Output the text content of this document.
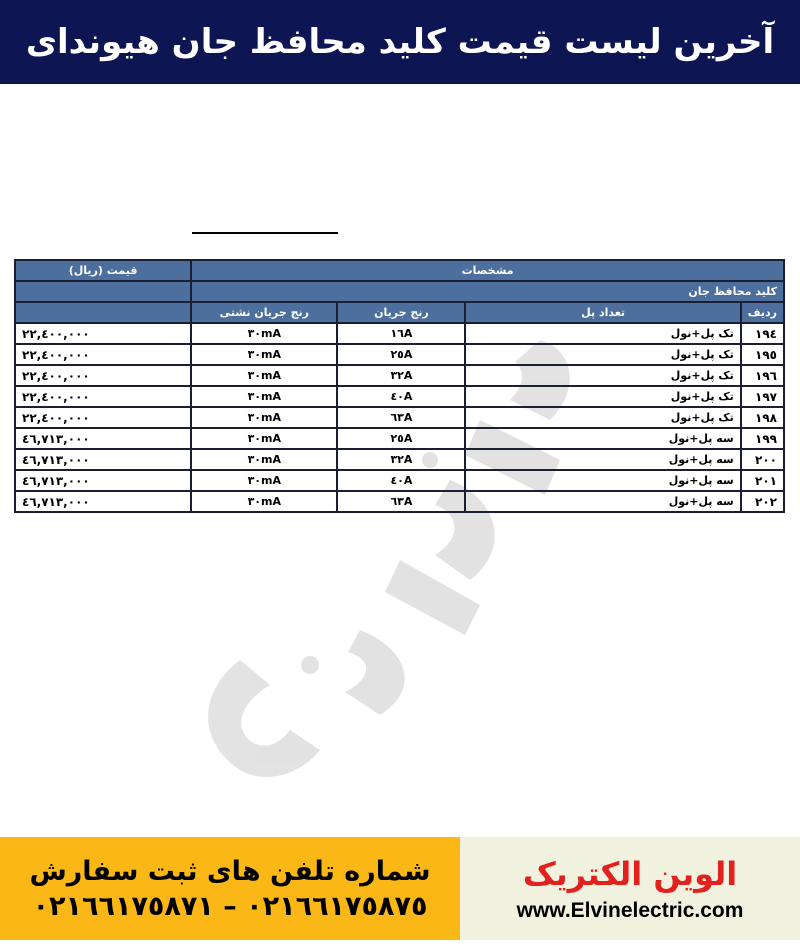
آخرین لیست قیمت کلید محافظ جان هیوندای
مشخصات				قیمت (ریال)
کلید محافظ جان				
ردیف	تعداد پل	رنج جریان	رنج جریان نشتی	
۱۹٤	تک پل+نول	١٦A	٣٠mA	٢٢,٤٠٠,٠٠٠
۱۹٥	تک پل+نول	٢٥A	٣٠mA	٢٢,٤٠٠,٠٠٠
۱۹٦	تک پل+نول	٣٢A	٣٠mA	٢٢,٤٠٠,٠٠٠
۱۹۷	تک پل+نول	٤٠A	٣٠mA	٢٢,٤٠٠,٠٠٠
۱۹۸	تک پل+نول	٦٣A	٣٠mA	٢٢,٤٠٠,٠٠٠
۱۹۹	سه پل+نول	٢٥A	٣٠mA	٤٦,٧١٣,٠٠٠
۲۰۰	سه پل+نول	٣٢A	٣٠mA	٤٦,٧١٣,٠٠٠
۲۰۱	سه پل+نول	٤٠A	٣٠mA	٤٦,٧١٣,٠٠٠
۲۰۲	سه پل+نول	٦٣A	٣٠mA	٤٦,٧١٣,٠٠٠
شماره تلفن های ثبت سفارش
٠٢١٦٦١٧٥٨٧٥ – ٠٢١٦٦١٧٥٨٧١
الوین الکتریک
www.Elvinelectric.com
